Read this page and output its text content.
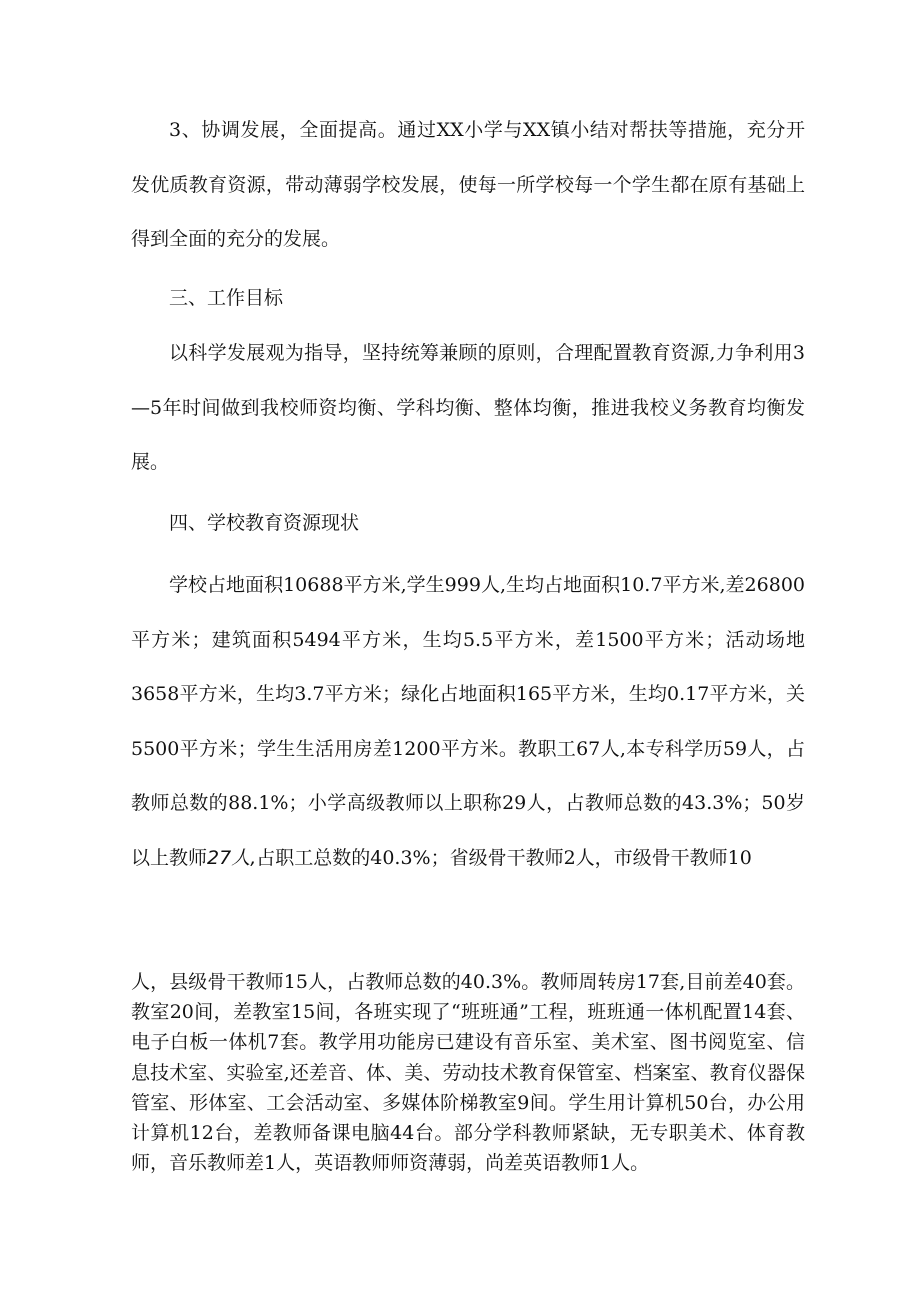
3、协调发展，全面提高。通过XX小学与XX镇小结对帮扶等措施，充分开发优质教育资源，带动薄弱学校发展，使每一所学校每一个学生都在原有基础上得到全面的充分的发展。

三、工作目标

以科学发展观为指导，坚持统筹兼顾的原则，合理配置教育资源,力争利用3—5年时间做到我校师资均衡、学科均衡、整体均衡，推进我校义务教育均衡发展。

四、学校教育资源现状

学校占地面积10688平方米,学生999人,生均占地面积10.7平方米,差26800平方米；建筑面积5494平方米，生均5.5平方米，差1500平方米；活动场地3658平方米，生均3.7平方米；绿化占地面积165平方米，生均0.17平方米，关5500平方米；学生生活用房差1200平方米。教职工67人,本专科学历59人，占教师总数的88.1%；小学高级教师以上职称29人，占教师总数的43.3%；50岁以上教师27人,占职工总数的40.3%；省级骨干教师2人，市级骨干教师10

人，县级骨干教师15人，占教师总数的40.3%。教师周转房17套,目前差40套。教室20间，差教室15间，各班实现了“班班通”工程，班班通一体机配置14套、电子白板一体机7套。教学用功能房已建设有音乐室、美术室、图书阅览室、信息技术室、实验室,还差音、体、美、劳动技术教育保管室、档案室、教育仪器保管室、形体室、工会活动室、多媒体阶梯教室9间。学生用计算机50台，办公用计算机12台，差教师备课电脑44台。部分学科教师紧缺，无专职美术、体育教师，音乐教师差1人，英语教师师资薄弱，尚差英语教师1人。
